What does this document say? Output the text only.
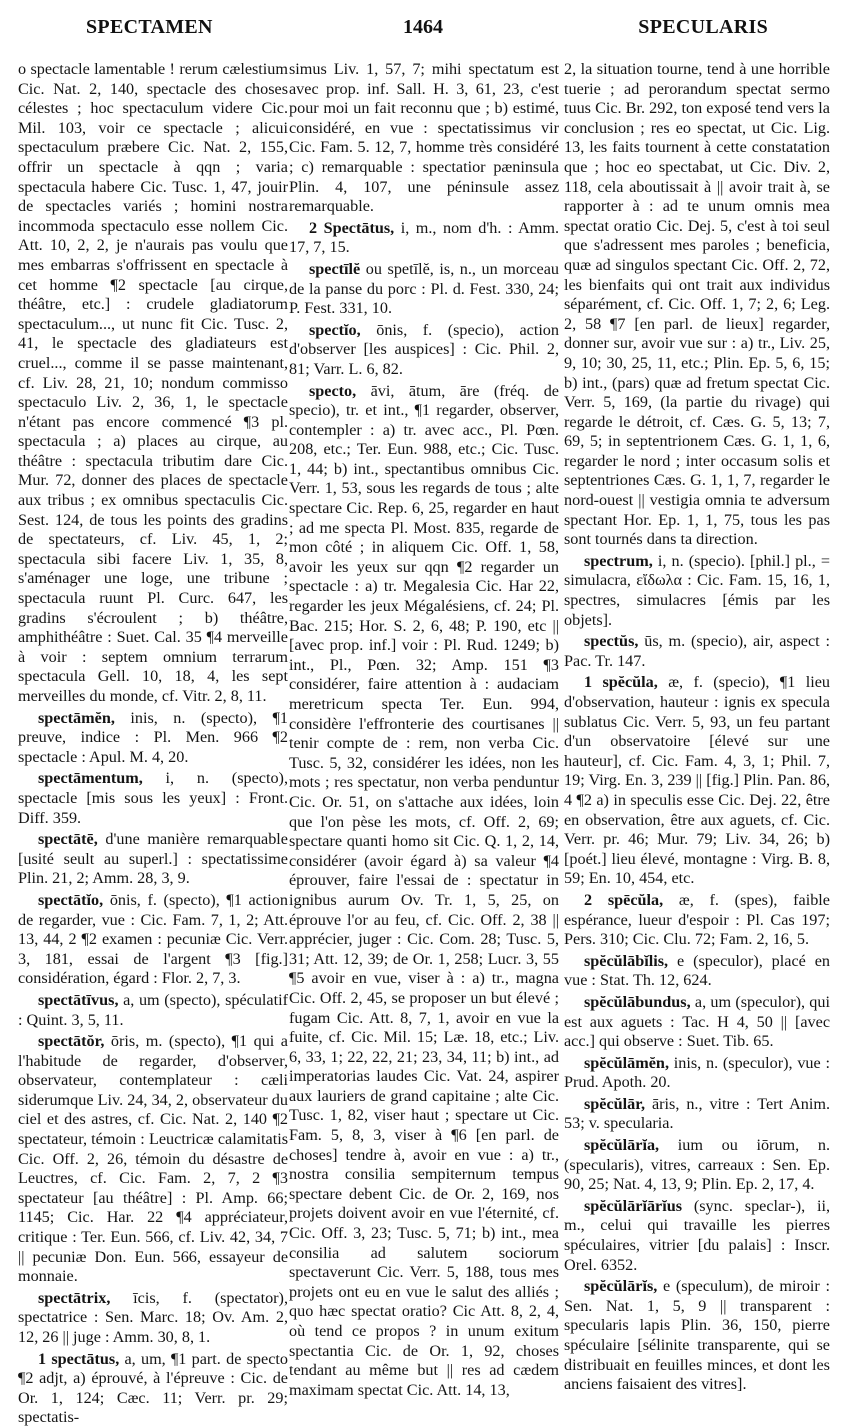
SPECTAMEN	1464	SPECULARIS

o spectacle lamentable ! rerum cælestium Cic. Nat. 2, 140, spectacle des choses célestes ; hoc spectaculum videre Cic. Mil. 103, voir ce spectacle ; alicui spectaculum præbere Cic. Nat. 2, 155, offrir un spectacle à qqn ; varia spectacula habere Cic. Tusc. 1, 47, jouir de spectacles variés ; homini nostra incommoda spectaculo esse nollem Cic. Att. 10, 2, 2, je n'aurais pas voulu que mes embarras s'offrissent en spectacle à cet homme ¶2 spectacle [au cirque, théâtre, etc.] : crudele gladiatorum spectaculum..., ut nunc fit Cic. Tusc. 2, 41, le spectacle des gladiateurs est cruel..., comme il se passe maintenant, cf. Liv. 28, 21, 10; nondum commisso spectaculo Liv. 2, 36, 1, le spectacle n'étant pas encore commencé ¶3 pl. spectacula ; a) places au cirque, au théâtre : spectacula tributim dare Cic. Mur. 72, donner des places de spectacle aux tribus ; ex omnibus spectaculis Cic. Sest. 124, de tous les points des gradins de spectateurs, cf. Liv. 45, 1, 2; spectacula sibi facere Liv. 1, 35, 8, s'aménager une loge, une tribune ; spectacula ruunt Pl. Curc. 647, les gradins s'écroulent ; b) théâtre, amphithéâtre : Suet. Cal. 35 ¶4 merveille à voir : septem omnium terrarum spectacula Gell. 10, 18, 4, les sept merveilles du monde, cf. Vitr. 2, 8, 11.

spectāmĕn, inis, n. (specto), ¶1 preuve, indice : Pl. Men. 966 ¶2 spectacle : Apul. M. 4, 20.

spectāmentum, i, n. (specto), spectacle [mis sous les yeux] : Front. Diff. 359.

spectātē, d'une manière remarquable [usité seult au superl.] : spectatissime Plin. 21, 2; Amm. 28, 3, 9.

spectātĭo, ōnis, f. (specto), ¶1 action de regarder, vue : Cic. Fam. 7, 1, 2; Att. 13, 44, 2 ¶2 examen : pecuniæ Cic. Verr. 3, 181, essai de l'argent ¶3 [fig.] considération, égard : Flor. 2, 7, 3.

spectātīvus, a, um (specto), spéculatif : Quint. 3, 5, 11.

spectātŏr, ōris, m. (specto), ¶1 qui a l'habitude de regarder, d'observer, observateur, contemplateur : cæli siderumque Liv. 24, 34, 2, observateur du ciel et des astres, cf. Cic. Nat. 2, 140 ¶2 spectateur, témoin : Leuctricæ calamitatis Cic. Off. 2, 26, témoin du désastre de Leuctres, cf. Cic. Fam. 2, 7, 2 ¶3 spectateur [au théâtre] : Pl. Amp. 66; 1145; Cic. Har. 22 ¶4 appréciateur, critique : Ter. Eun. 566, cf. Liv. 42, 34, 7 || pecuniæ Don. Eun. 566, essayeur de monnaie.

spectātrix, īcis, f. (spectator), spectatrice : Sen. Marc. 18; Ov. Am. 2, 12, 26 || juge : Amm. 30, 8, 1.

1 spectātus, a, um, ¶1 part. de specto ¶2 adjt, a) éprouvé, à l'épreuve : Cic. de Or. 1, 124; Cæc. 11; Verr. pr. 29; spectatis-

simus Liv. 1, 57, 7; mihi spectatum est avec prop. inf. Sall. H. 3, 61, 23, c'est pour moi un fait reconnu que ; b) estimé, considéré, en vue : spectatissimus vir Cic. Fam. 5. 12, 7, homme très considéré ; c) remarquable : spectatior pæninsula Plin. 4, 107, une péninsule assez remarquable.

2 Spectātus, i, m., nom d'h. : Amm. 17, 7, 15.

spectīlĕ ou spetīlĕ, is, n., un morceau de la panse du porc : Pl. d. Fest. 330, 24; P. Fest. 331, 10.

spectĭo, ōnis, f. (specio), action d'observer [les auspices] : Cic. Phil. 2, 81; Varr. L. 6, 82.

specto, āvi, ātum, āre (fréq. de specio), tr. et int., ¶1 regarder, observer, contempler : a) tr. avec acc., Pl. Pœn. 208, etc.; Ter. Eun. 988, etc.; Cic. Tusc. 1, 44; b) int., spectantibus omnibus Cic. Verr. 1, 53, sous les regards de tous ; alte spectare Cic. Rep. 6, 25, regarder en haut ; ad me specta Pl. Most. 835, regarde de mon côté ; in aliquem Cic. Off. 1, 58, avoir les yeux sur qqn ¶2 regarder un spectacle : a) tr. Megalesia Cic. Har 22, regarder les jeux Mégalésiens, cf. 24; Pl. Bac. 215; Hor. S. 2, 6, 48; P. 190, etc || [avec prop. inf.] voir : Pl. Rud. 1249; b) int., Pl., Pœn. 32; Amp. 151 ¶3 considérer, faire attention à : audaciam meretricum specta Ter. Eun. 994, considère l'effronterie des courtisanes || tenir compte de : rem, non verba Cic. Tusc. 5, 32, considérer les idées, non les mots ; res spectatur, non verba penduntur Cic. Or. 51, on s'attache aux idées, loin que l'on pèse les mots, cf. Off. 2, 69; spectare quanti homo sit Cic. Q. 1, 2, 14, considérer (avoir égard à) sa valeur ¶4 éprouver, faire l'essai de : spectatur in ignibus aurum Ov. Tr. 1, 5, 25, on éprouve l'or au feu, cf. Cic. Off. 2, 38 || apprécier, juger : Cic. Com. 28; Tusc. 5, 31; Att. 12, 39; de Or. 1, 258; Lucr. 3, 55 ¶5 avoir en vue, viser à : a) tr., magna Cic. Off. 2, 45, se proposer un but élevé ; fugam Cic. Att. 8, 7, 1, avoir en vue la fuite, cf. Cic. Mil. 15; Læ. 18, etc.; Liv. 6, 33, 1; 22, 22, 21; 23, 34, 11; b) int., ad imperatorias laudes Cic. Vat. 24, aspirer aux lauriers de grand capitaine ; alte Cic. Tusc. 1, 82, viser haut ; spectare ut Cic. Fam. 5, 8, 3, viser à ¶6 [en parl. de choses] tendre à, avoir en vue : a) tr., nostra consilia sempiternum tempus spectare debent Cic. de Or. 2, 169, nos projets doivent avoir en vue l'éternité, cf. Cic. Off. 3, 23; Tusc. 5, 71; b) int., mea consilia ad salutem sociorum spectaverunt Cic. Verr. 5, 188, tous mes projets ont eu en vue le salut des alliés ; quo hæc spectat oratio? Cic Att. 8, 2, 4, où tend ce propos ? in unum exitum spectantia Cic. de Or. 1, 92, choses tendant au même but || res ad cædem maximam spectat Cic. Att. 14, 13,

2, la situation tourne, tend à une horrible tuerie ; ad perorandum spectat sermo tuus Cic. Br. 292, ton exposé tend vers la conclusion ; res eo spectat, ut Cic. Lig. 13, les faits tournent à cette constatation que ; hoc eo spectabat, ut Cic. Div. 2, 118, cela aboutissait à || avoir trait à, se rapporter à : ad te unum omnis mea spectat oratio Cic. Dej. 5, c'est à toi seul que s'adressent mes paroles ; beneficia, quæ ad singulos spectant Cic. Off. 2, 72, les bienfaits qui ont trait aux individus séparément, cf. Cic. Off. 1, 7; 2, 6; Leg. 2, 58 ¶7 [en parl. de lieux] regarder, donner sur, avoir vue sur : a) tr., Liv. 25, 9, 10; 30, 25, 11, etc.; Plin. Ep. 5, 6, 15; b) int., (pars) quæ ad fretum spectat Cic. Verr. 5, 169, (la partie du rivage) qui regarde le détroit, cf. Cæs. G. 5, 13; 7, 69, 5; in septentrionem Cæs. G. 1, 1, 6, regarder le nord ; inter occasum solis et septentriones Cæs. G. 1, 1, 7, regarder le nord-ouest || vestigia omnia te adversum spectant Hor. Ep. 1, 1, 75, tous les pas sont tournés dans ta direction.

spectrum, i, n. (specio). [phil.] pl., = simulacra, εἴδωλα : Cic. Fam. 15, 16, 1, spectres, simulacres [émis par les objets].

spectŭs, ūs, m. (specio), air, aspect : Pac. Tr. 147.

1 spĕcŭla, æ, f. (specio), ¶1 lieu d'observation, hauteur : ignis ex specula sublatus Cic. Verr. 5, 93, un feu partant d'un observatoire [élevé sur une hauteur], cf. Cic. Fam. 4, 3, 1; Phil. 7, 19; Virg. En. 3, 239 || [fig.] Plin. Pan. 86, 4 ¶2 a) in speculis esse Cic. Dej. 22, être en observation, être aux aguets, cf. Cic. Verr. pr. 46; Mur. 79; Liv. 34, 26; b) [poét.] lieu élevé, montagne : Virg. B. 8, 59; En. 10, 454, etc.

2 spēcŭla, æ, f. (spes), faible espérance, lueur d'espoir : Pl. Cas 197; Pers. 310; Cic. Clu. 72; Fam. 2, 16, 5.

spĕcŭlābĭlis, e (speculor), placé en vue : Stat. Th. 12, 624.

spĕcŭlābundus, a, um (speculor), qui est aux aguets : Tac. H 4, 50 || [avec acc.] qui observe : Suet. Tib. 65.

spĕcŭlāmĕn, inis, n. (speculor), vue : Prud. Apoth. 20.

spĕcŭlār, āris, n., vitre : Tert Anim. 53; v. specularia.

spĕcŭlārĭa, ium ou iōrum, n. (specularis), vitres, carreaux : Sen. Ep. 90, 25; Nat. 4, 13, 9; Plin. Ep. 2, 17, 4.

spĕcŭlārĭārĭus (sync. speclar-), ii, m., celui qui travaille les pierres spéculaires, vitrier [du palais] : Inscr. Orel. 6352.

spĕcŭlārĭs, e (speculum), de miroir : Sen. Nat. 1, 5, 9 || transparent : specularis lapis Plin. 36, 150, pierre spéculaire [sélinite transparente, qui se distribuait en feuilles minces, et dont les anciens faisaient des vitres].
